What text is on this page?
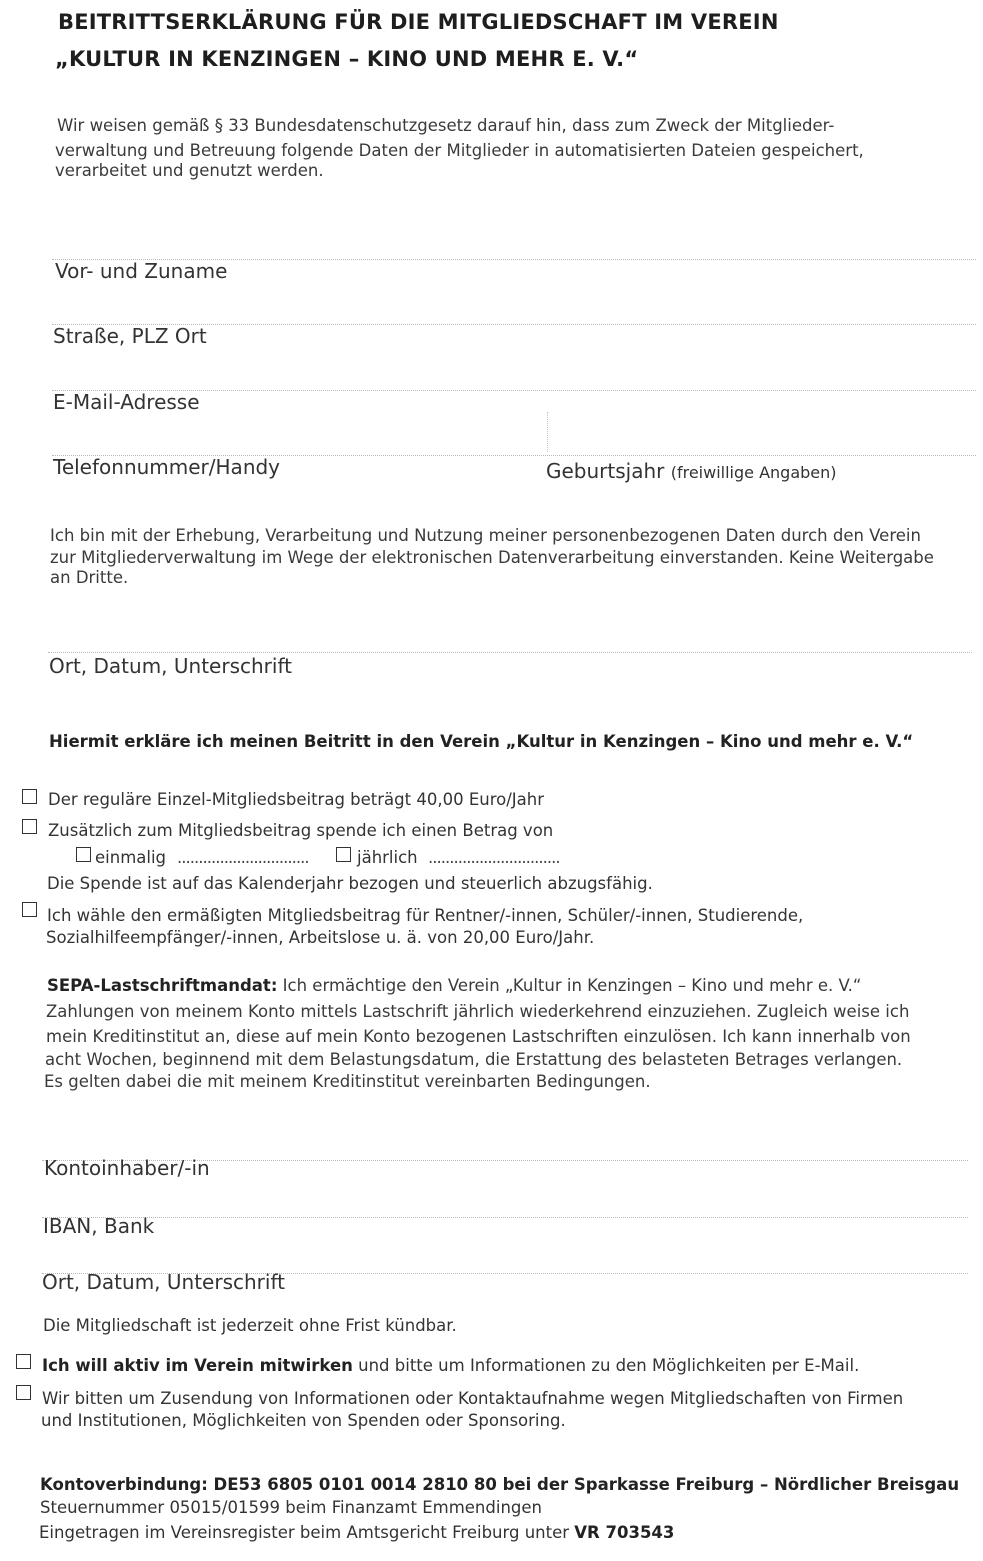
BEITRITTSERKLÄRUNG FÜR DIE MITGLIEDSCHAFT IM VEREIN
„KULTUR IN KENZINGEN – KINO UND MEHR E. V.“
Wir weisen gemäß § 33 Bundesdatenschutzgesetz darauf hin, dass zum Zweck der Mitglieder-
verwaltung und Betreuung folgende Daten der Mitglieder in automatisierten Dateien gespeichert,
verarbeitet und genutzt werden.
Vor- und Zuname
Straße, PLZ Ort
E-Mail-Adresse
Telefonnummer/Handy	Geburtsjahr (freiwillige Angaben)
Ich bin mit der Erhebung, Verarbeitung und Nutzung meiner personenbezogenen Daten durch den Verein
zur Mitgliederverwaltung im Wege der elektronischen Datenverarbeitung einverstanden. Keine Weitergabe
an Dritte.
Ort, Datum, Unterschrift
Hiermit erkläre ich meinen Beitritt in den Verein „Kultur in Kenzingen – Kino und mehr e. V.“
Der reguläre Einzel-Mitgliedsbeitrag beträgt 40,00 Euro/Jahr
Zusätzlich zum Mitgliedsbeitrag spende ich einen Betrag von
einmalig ...............................	jährlich ...............................
Die Spende ist auf das Kalenderjahr bezogen und steuerlich abzugsfähig.
Ich wähle den ermäßigten Mitgliedsbeitrag für Rentner/-innen, Schüler/-innen, Studierende,
Sozialhilfeempfänger/-innen, Arbeitslose u. ä. von 20,00 Euro/Jahr.
SEPA-Lastschriftmandat: Ich ermächtige den Verein „Kultur in Kenzingen – Kino und mehr e. V.“
Zahlungen von meinem Konto mittels Lastschrift jährlich wiederkehrend einzuziehen. Zugleich weise ich
mein Kreditinstitut an, diese auf mein Konto bezogenen Lastschriften einzulösen. Ich kann innerhalb von
acht Wochen, beginnend mit dem Belastungsdatum, die Erstattung des belasteten Betrages verlangen.
Es gelten dabei die mit meinem Kreditinstitut vereinbarten Bedingungen.
Kontoinhaber/-in
IBAN, Bank
Ort, Datum, Unterschrift
Die Mitgliedschaft ist jederzeit ohne Frist kündbar.
Ich will aktiv im Verein mitwirken und bitte um Informationen zu den Möglichkeiten per E-Mail.
Wir bitten um Zusendung von Informationen oder Kontaktaufnahme wegen Mitgliedschaften von Firmen
und Institutionen, Möglichkeiten von Spenden oder Sponsoring.
Kontoverbindung: DE53 6805 0101 0014 2810 80 bei der Sparkasse Freiburg – Nördlicher Breisgau
Steuernummer 05015/01599 beim Finanzamt Emmendingen
Eingetragen im Vereinsregister beim Amtsgericht Freiburg unter VR 703543
